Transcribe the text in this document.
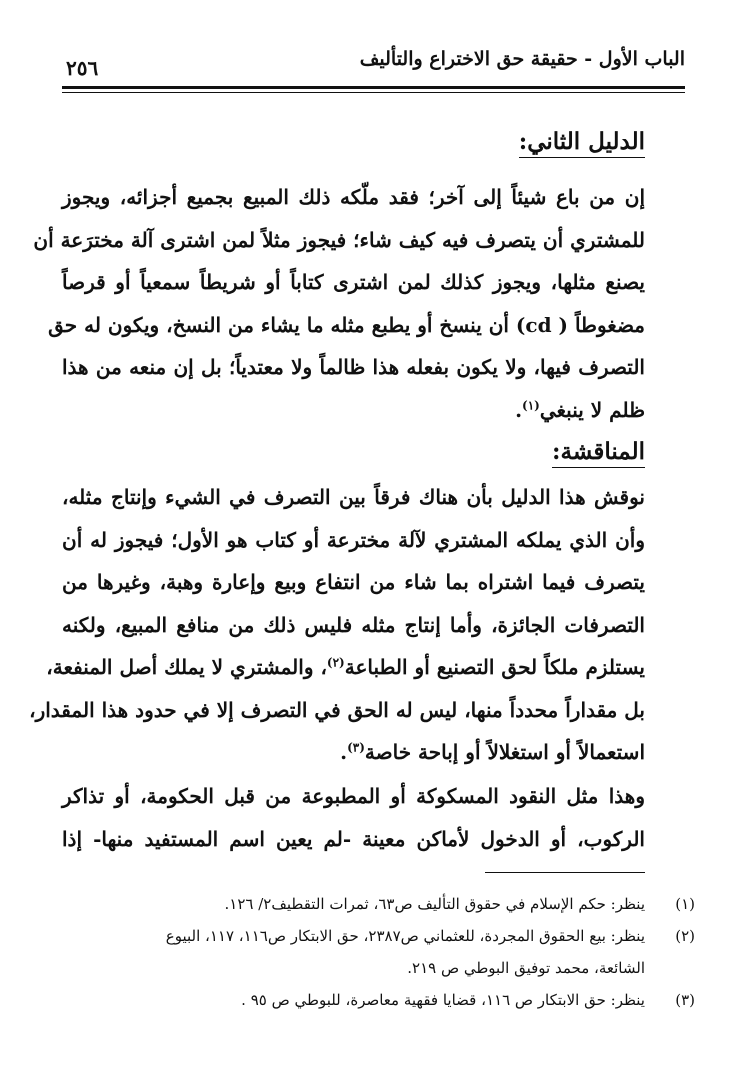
الباب الأول - حقيقة حق الاختراع والتأليف
٢٥٦
الدليل الثاني:
إن من باع شيئاً إلى آخر؛ فقد ملّكه ذلك المبيع بجميع أجزائه، ويجوز
للمشتري أن يتصرف فيه كيف شاء؛ فيجوز مثلاً لمن اشترى آلة مخترَعة أن
يصنع مثلها، ويجوز كذلك لمن اشترى كتاباً أو شريطاً سمعياً أو قرصاً
مضغوطاً ( cd) أن ينسخ أو يطبع مثله ما يشاء من النسخ، ويكون له حق
التصرف فيها، ولا يكون بفعله هذا ظالماً ولا معتدياً؛ بل إن منعه من هذا
ظلم لا ينبغي$^{(١)}$.
المناقشة:
نوقش هذا الدليل بأن هناك فرقاً بين التصرف في الشيء وإنتاج مثله،
وأن الذي يملكه المشتري لآلة مخترعة أو كتاب هو الأول؛ فيجوز له أن
يتصرف فيما اشتراه بما شاء من انتفاع وبيع وإعارة وهبة، وغيرها من
التصرفات الجائزة، وأما إنتاج مثله فليس ذلك من منافع المبيع، ولكنه
يستلزم ملكاً لحق التصنيع أو الطباعة$^{(٢)}$، والمشتري لا يملك أصل المنفعة،
بل مقداراً محدداً منها، ليس له الحق في التصرف إلا في حدود هذا المقدار،
استعمالاً أو استغلالاً أو إباحة خاصة$^{(٣)}$.
وهذا مثل النقود المسكوكة أو المطبوعة من قبل الحكومة، أو تذاكر
الركوب، أو الدخول لأماكن معينة -لم يعين اسم المستفيد منها- إذا
(١)
ينظر: حكم الإسلام في حقوق التأليف ص٦٣، ثمرات التقطيف٢/ ١٢٦.
(٢)
ينظر: بيع الحقوق المجردة، للعثماني ص٢٣٨٧، حق الابتكار ص١١٦، ١١٧، البيوع
الشائعة، محمد توفيق البوطي ص ٢١٩.
(٣)
ينظر: حق الابتكار ص ١١٦، قضايا فقهية معاصرة، للبوطي ص ٩٥ .
